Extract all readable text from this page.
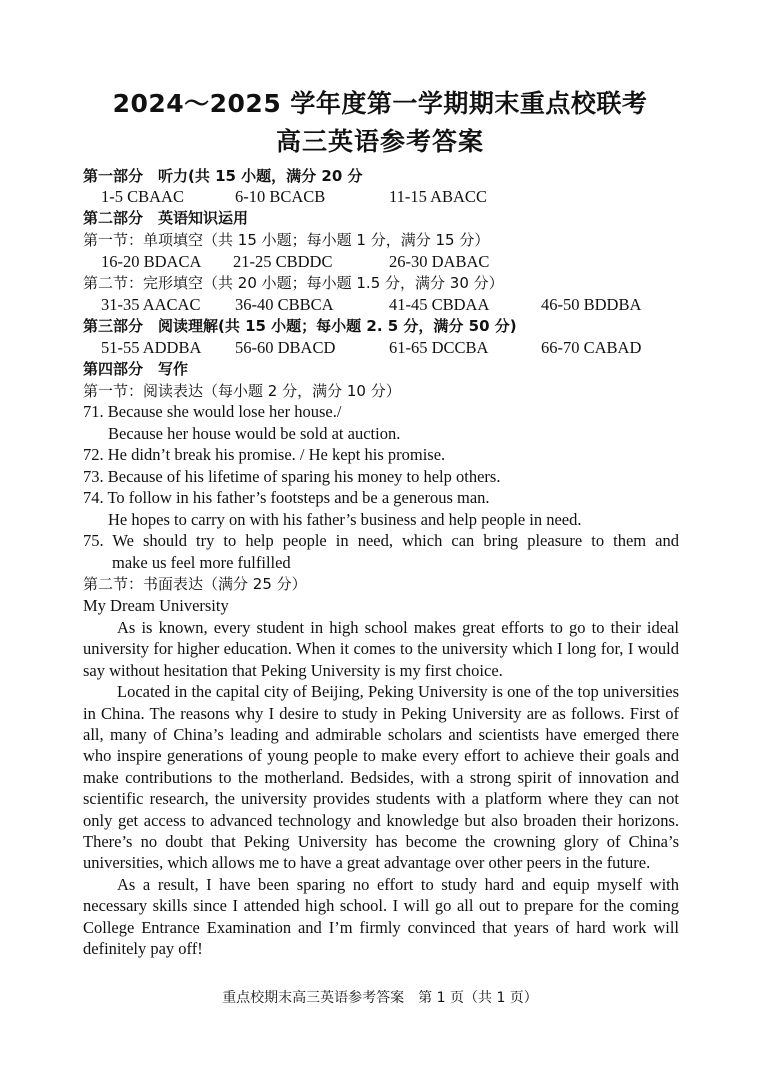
2024～2025 学年度第一学期期末重点校联考
高三英语参考答案
第一部分　听力(共 15 小题，满分 20 分
1-5 CBAAC	6-10 BCACB	11-15 ABACC
第二部分　英语知识运用
第一节：单项填空（共 15 小题；每小题 1 分，满分 15 分）
16-20 BDACA 21-25 CBDDC	26-30 DABAC
第二节：完形填空（共 20 小题；每小题 1.5 分，满分 30 分）
31-35 AACAC 36-40 CBBCA	41-45 CBDAA	46-50 BDDBA
第三部分　阅读理解(共 15 小题；每小题 2. 5 分，满分 50 分)
51-55 ADDBA 56-60 DBACD	61-65 DCCBA	66-70 CABAD
第四部分　写作
第一节：阅读表达（每小题 2 分，满分 10 分）
71. Because she would lose her house./
Because her house would be sold at auction.
72. He didn’t break his promise. / He kept his promise.
73. Because of his lifetime of sparing his money to help others.
74. To follow in his father’s footsteps and be a generous man.
He hopes to carry on with his father’s business and help people in need.
75. We should try to help people in need, which can bring pleasure to them and
make us feel more fulfilled
第二节：书面表达（满分 25 分）
My Dream University

As is known, every student in high school makes great efforts to go to their ideal university for higher education. When it comes to the university which I long for, I would say without hesitation that Peking University is my first choice.

Located in the capital city of Beijing, Peking University is one of the top universities in China. The reasons why I desire to study in Peking University are as follows. First of all, many of China’s leading and admirable scholars and scientists have emerged there who inspire generations of young people to make every effort to achieve their goals and make contributions to the motherland. Bedsides, with a strong spirit of innovation and scientific research, the university provides students with a platform where they can not only get access to advanced technology and knowledge but also broaden their horizons. There’s no doubt that Peking University has become the crowning glory of China’s universities, which allows me to have a great advantage over other peers in the future.

As a result, I have been sparing no effort to study hard and equip myself with necessary skills since I attended high school. I will go all out to prepare for the coming College Entrance Examination and I’m firmly convinced that years of hard work will definitely pay off!

重点校期末高三英语参考答案　第 1 页（共 1 页）
